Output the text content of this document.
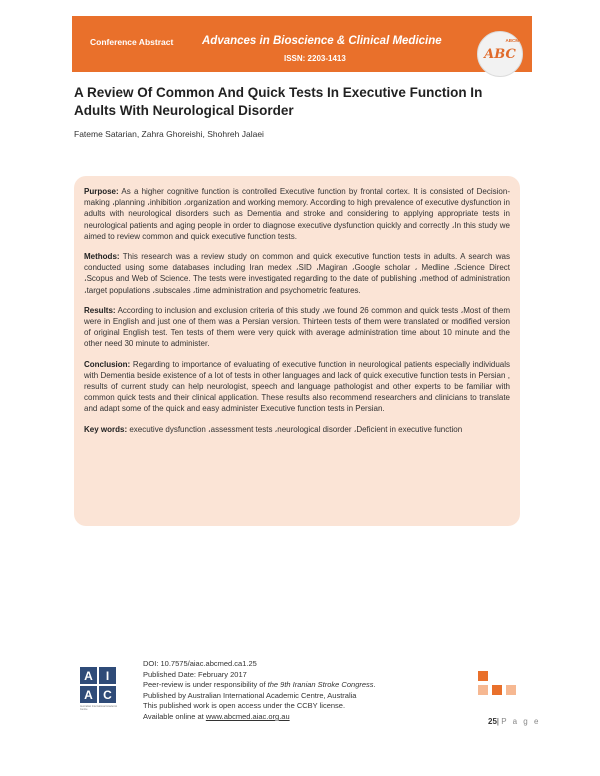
Conference Abstract Advances in Bioscience & Clinical Medicine
ISSN: 2203-1413
ABCM
ABC
A Review Of Common And Quick Tests In Executive Function In Adults With Neurological Disorder
Fateme Satarian, Zahra Ghoreishi, Shohreh Jalaei

Purpose: As a higher cognitive function is controlled Executive function by frontal cortex. It is consisted of Decision-making ،planning ،inhibition ،organization and working memory. According to high prevalence of executive dysfunction in adults with neurological disorders such as Dementia and stroke and considering to applying appropriate tests in neurological patients and aging people in order to diagnose executive dysfunction quickly and correctly ،In this study we aimed to review common and quick executive function tests.

Methods: This research was a review study on common and quick executive function tests in adults. A search was conducted using some databases including Iran medex ،SID ،Magiran ،Google scholar ، Medline ،Science Direct ،Scopus and Web of Science. The tests were investigated regarding to the date of publishing ،method of administration ،target populations ،subscales ،time administration and psychometric features.

Results: According to inclusion and exclusion criteria of this study ،we found 26 common and quick tests ،Most of them were in English and just one of them was a Persian version. Thirteen tests of them were translated or modified version of original English test. Ten tests of them were very quick with average administration time about 10 minute and the other need 30 minute to administer.

Conclusion: Regarding to importance of evaluating of executive function in neurological patients especially individuals with Dementia beside existence of a lot of tests in other languages and lack of quick executive function tests in Persian , results of current study can help neurologist, speech and language pathologist and other experts to be familiar with common quick tests and their clinical application. These results also recommend researchers and clinicians to translate and adapt some of the quick and easy administer Executive function tests in Persian.

Key words: executive dysfunction ،assessment tests ،neurological disorder ،Deficient in executive function

A	I
A C
Australian International Academic Centre
DOI: 10.7575/aiac.abcmed.ca1.25
Published Date: February 2017
Peer-review is under responsibility of the 9th Iranian Stroke Congress.
Published by Australian International Academic Centre, Australia
This published work is open access under the CCBY license.
Available online at www.abcmed.aiac.org.au
25| P a g e
